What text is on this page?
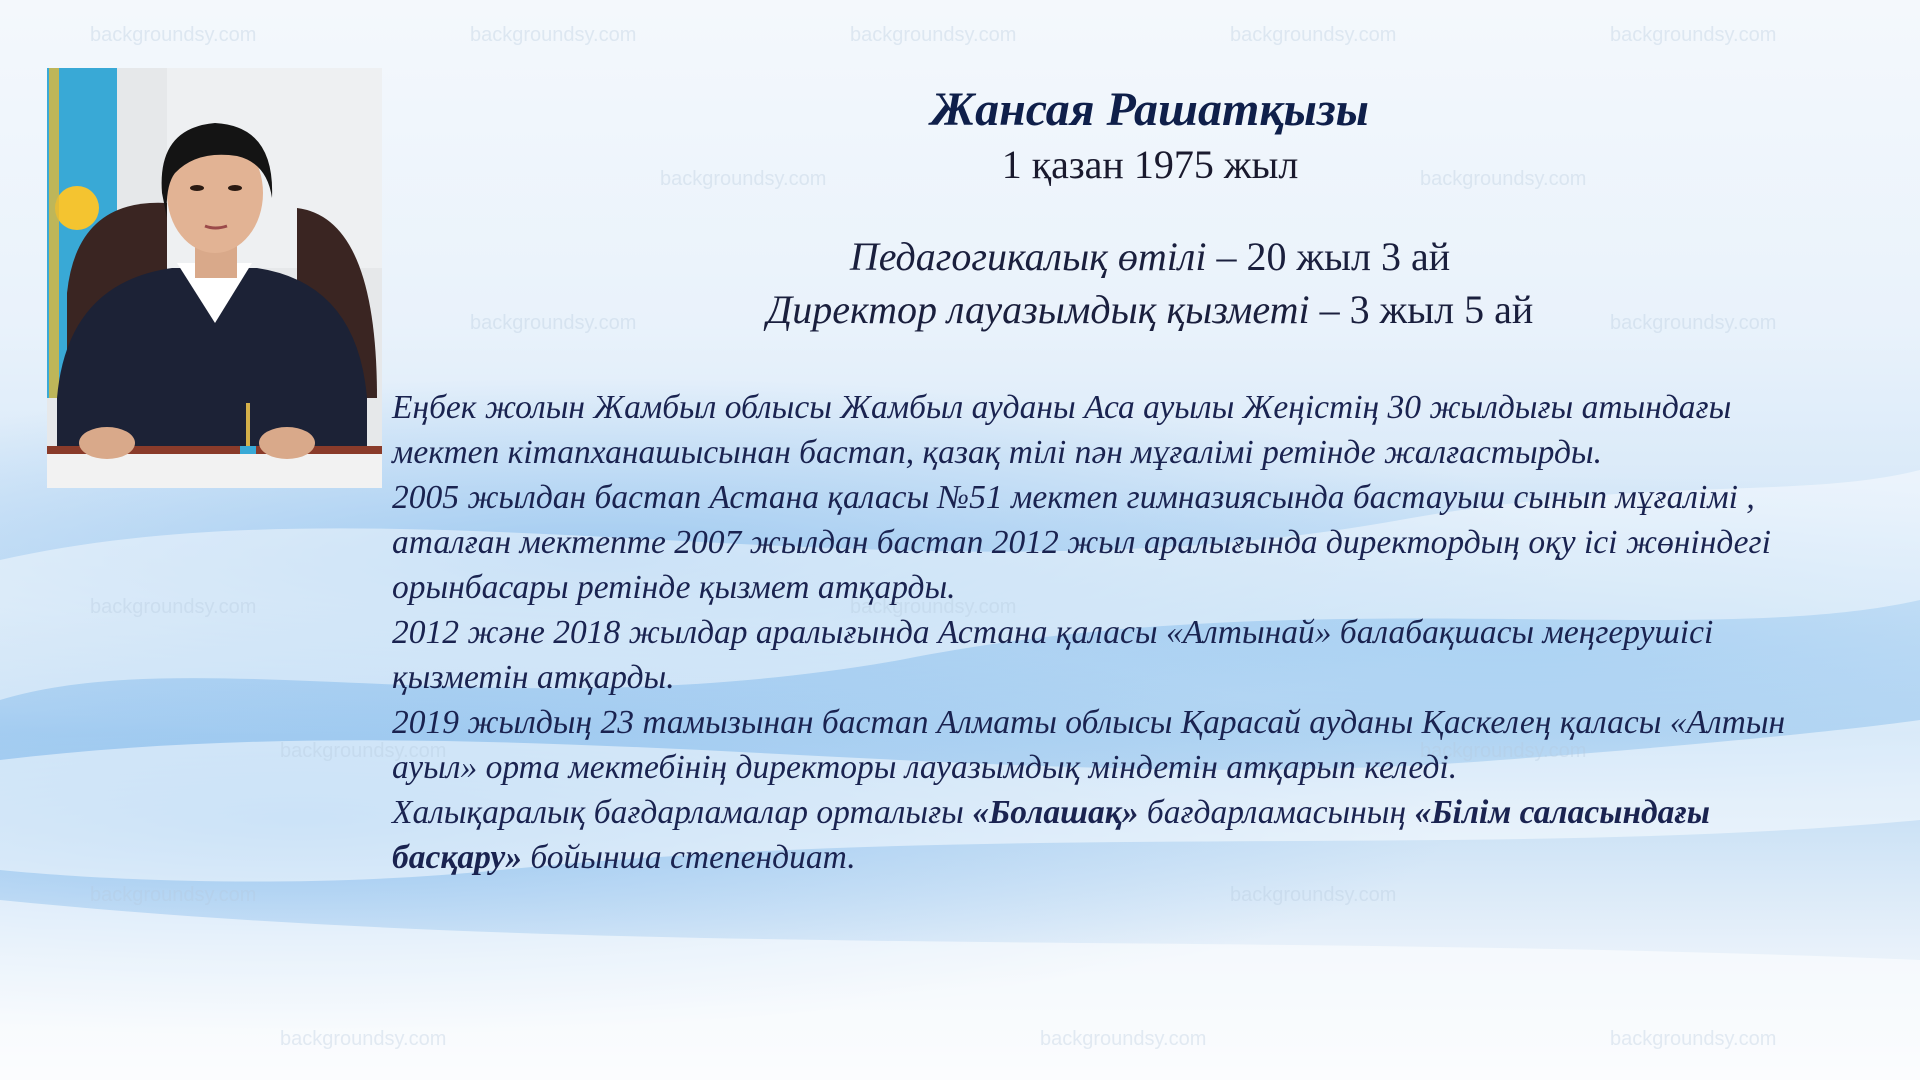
backgroundsy.com	backgroundsy.com	backgroundsy.com	backgroundsy.com	backgroundsy.com
backgroundsy.com	backgroundsy.com
backgroundsy.com	backgroundsy.com
backgroundsy.com	backgroundsy.com
backgroundsy.com	backgroundsy.com
backgroundsy.com	backgroundsy.com
backgroundsy.com	backgroundsy.com	backgroundsy.com

Жансая Рашатқызы

1 қазан 1975 жыл

Педагогикалық өтілі – 20 жыл 3 ай
Директор лауазымдық қызметі – 3 жыл 5 ай

Еңбек жолын Жамбыл облысы Жамбыл ауданы Аса ауылы Жеңістің 30 жылдығы атындағы мектеп кітапханашысынан бастап, қазақ тілі пән мұғалімі ретінде жалғастырды.

2005 жылдан бастап Астана қаласы №51 мектеп гимназиясында бастауыш сынып мұғалімі , аталған мектепте 2007 жылдан бастап 2012 жыл аралығында директордың оқу ісі жөніндегі орынбасары ретінде қызмет атқарды.

2012 және 2018 жылдар аралығында Астана қаласы «Алтынай» балабақшасы меңгерушісі қызметін атқарды.

2019 жылдың 23 тамызынан бастап Алматы облысы Қарасай ауданы Қаскелең қаласы «Алтын ауыл» орта мектебінің директоры лауазымдық міндетін атқарып келеді.

Халықаралық бағдарламалар орталығы «Болашақ» бағдарламасының «Білім саласындағы басқару» бойынша степендиат.
